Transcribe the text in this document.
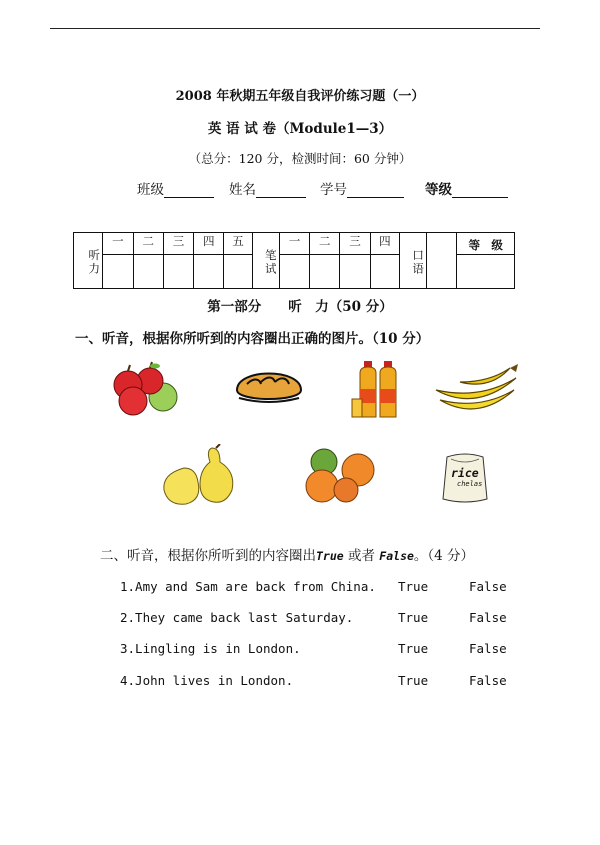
2008 年秋期五年级自我评价练习题（一）
英 语 试 卷（Module1—3）
（总分：120 分，检测时间：60 分钟）
班级	姓名	学号	等级
听力	一	二	三	四	五	笔试	一	二	三	四	口语		等　级

第一部分　　听　力（50 分）
一、听音，根据你所听到的内容圈出正确的图片。（10 分）
rice
chelas
二、听音，根据你所听到的内容圈出True 或者 False。（4 分）
1.Amy and Sam are back from China. True	False
2.They came back last Saturday.	True	False
3.Lingling is in London.	True	False
4.John lives in London.	True	False
